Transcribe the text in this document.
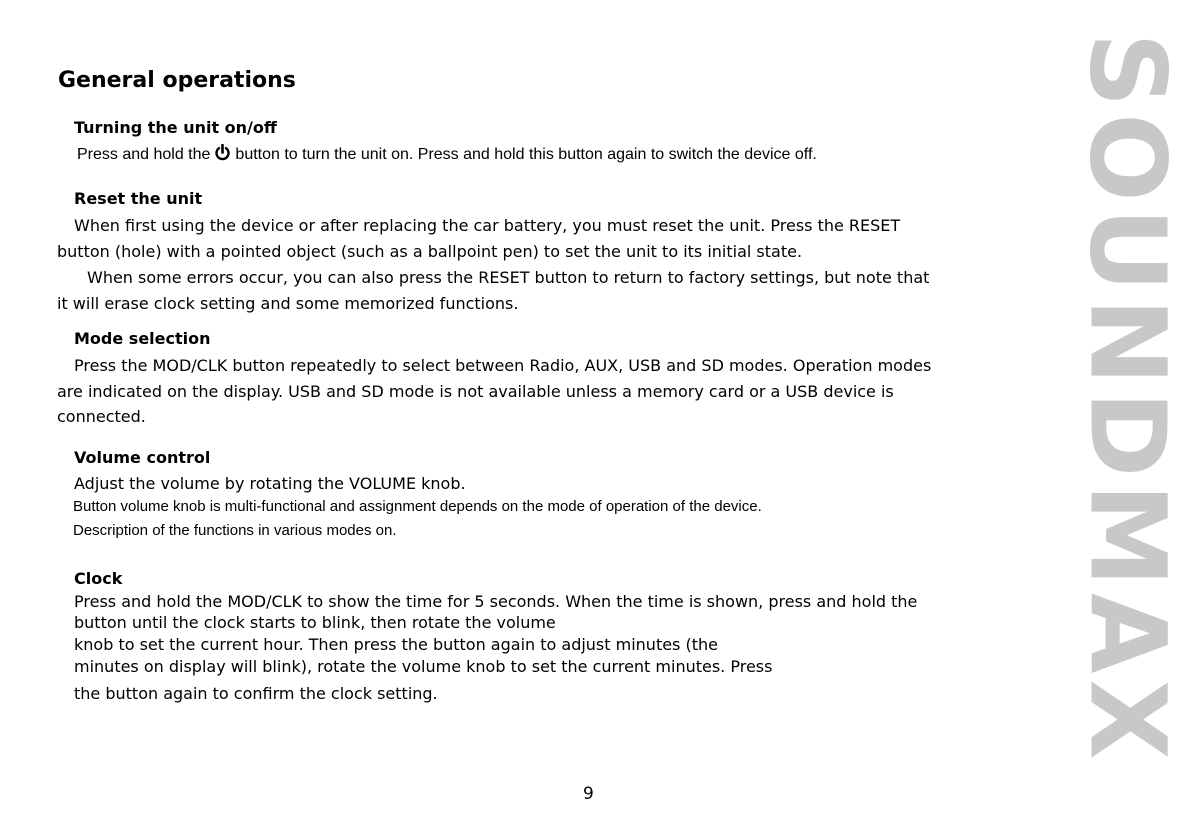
General operations
Turning the unit on/off
Press and hold the button to turn the unit on. Press and hold this button again to switch the device off.
Reset the unit
When first using the device or after replacing the car battery, you must reset the unit. Press the RESET
button (hole) with a pointed object (such as a ballpoint pen) to set the unit to its initial state.
When some errors occur, you can also press the RESET button to return to factory settings, but note that
it will erase clock setting and some memorized functions.
Mode selection
Press the MOD/CLK button repeatedly to select between Radio, AUX, USB and SD modes. Operation modes
are indicated on the display. USB and SD mode is not available unless a memory card or a USB device is
connected.
Volume control
Adjust the volume by rotating the VOLUME knob.
Button volume knob is multi-functional and assignment depends on the mode of operation of the device.
Description of the functions in various modes on.
Clock
Press and hold the MOD/CLK to show the time for 5 seconds. When the time is shown, press and hold the
button until the clock starts to blink, then rotate the volume
knob to set the current hour. Then press the button again to adjust minutes (the
minutes on display will blink), rotate the volume knob to set the current minutes. Press
the button again to confirm the clock setting.
9
SOUNDMAX
